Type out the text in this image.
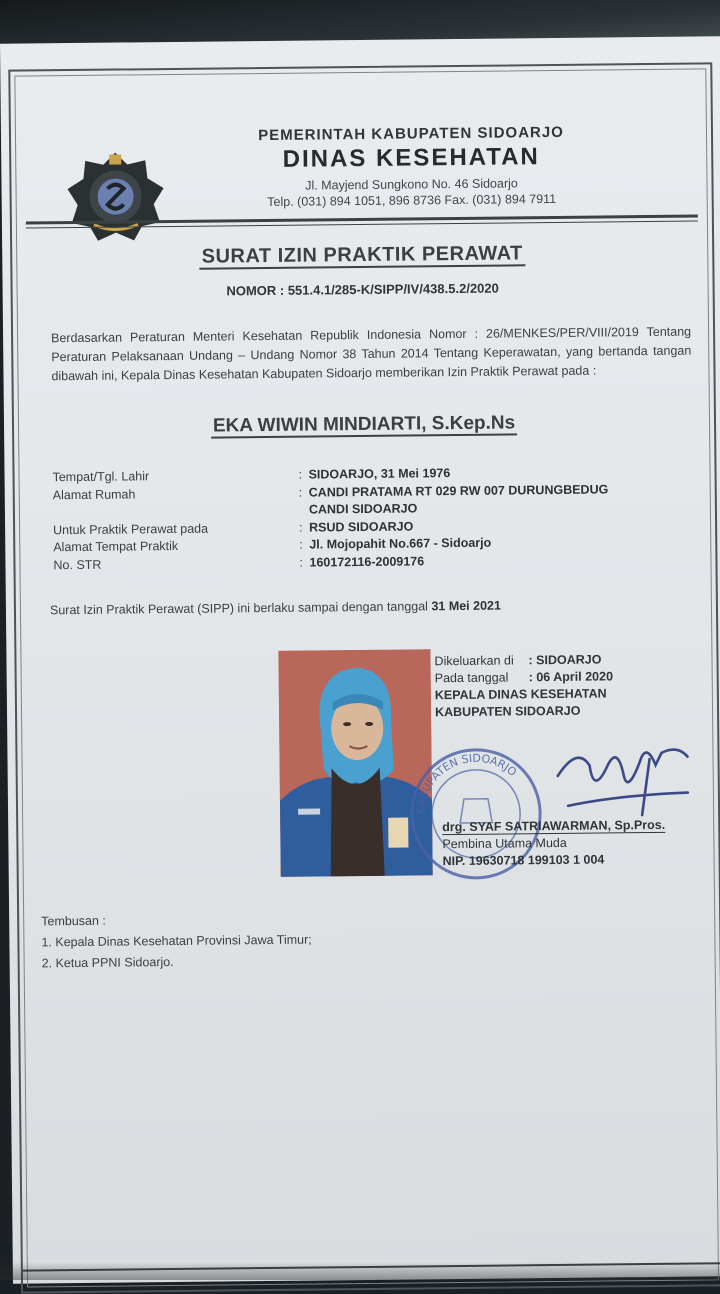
PEMERINTAH KABUPATEN SIDOARJO
DINAS KESEHATAN
Jl. Mayjend Sungkono No. 46 Sidoarjo
Telp. (031) 894 1051, 896 8736 Fax. (031) 894 7911
SURAT IZIN PRAKTIK PERAWAT
NOMOR : 551.4.1/285-K/SIPP/IV/438.5.2/2020
Berdasarkan Peraturan Menteri Kesehatan Republik Indonesia Nomor : 26/MENKES/PER/VIII/2019 Tentang Peraturan Pelaksanaan Undang – Undang Nomor 38 Tahun 2014 Tentang Keperawatan, yang bertanda tangan dibawah ini, Kepala Dinas Kesehatan Kabupaten Sidoarjo memberikan Izin Praktik Perawat pada :
EKA WIWIN MINDIARTI, S.Kep.Ns
Tempat/Tgl. Lahir	: SIDOARJO, 31 Mei 1976
Alamat Rumah	: CANDI PRATAMA RT 029 RW 007 DURUNGBEDUG
CANDI SIDOARJO
Untuk Praktik Perawat pada	: RSUD SIDOARJO
Alamat Tempat Praktik	: Jl. Mojopahit No.667 - Sidoarjo
No. STR	: 160172116-2009176
Surat Izin Praktik Perawat (SIPP) ini berlaku sampai dengan tanggal 31 Mei 2021
Dikeluarkan di	: SIDOARJO
Pada tanggal	: 06 April 2020
KEPALA DINAS KESEHATAN
KABUPATEN SIDOARJO
KABUPATEN SIDOARJO
drg. SYAF SATRIAWARMAN, Sp.Pros.
Pembina Utama Muda
NIP. 19630718 199103 1 004
Tembusan :
1. Kepala Dinas Kesehatan Provinsi Jawa Timur;
2. Ketua PPNI Sidoarjo.
